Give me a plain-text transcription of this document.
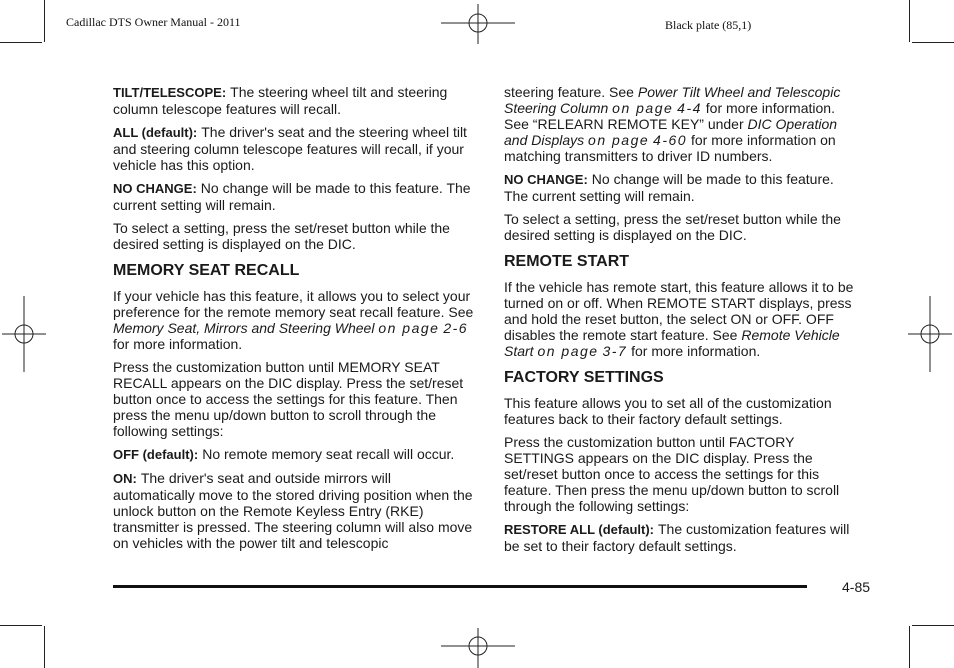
Cadillac DTS Owner Manual - 2011	Black plate (85,1)

TILT/TELESCOPE: The steering wheel tilt and steering column telescope features will recall.

ALL (default): The driver's seat and the steering wheel tilt and steering column telescope features will recall, if your vehicle has this option.

NO CHANGE: No change will be made to this feature. The current setting will remain.

To select a setting, press the set/reset button while the desired setting is displayed on the DIC.

MEMORY SEAT RECALL

If your vehicle has this feature, it allows you to select your preference for the remote memory seat recall feature. See Memory Seat, Mirrors and Steering Wheel on page 2-6 for more information.

Press the customization button until MEMORY SEAT RECALL appears on the DIC display. Press the set/reset button once to access the settings for this feature. Then press the menu up/down button to scroll through the following settings:

OFF (default): No remote memory seat recall will occur.

ON: The driver's seat and outside mirrors will automatically move to the stored driving position when the unlock button on the Remote Keyless Entry (RKE) transmitter is pressed. The steering column will also move on vehicles with the power tilt and telescopic

steering feature. See Power Tilt Wheel and Telescopic Steering Column on page 4-4 for more information. See “RELEARN REMOTE KEY” under DIC Operation and Displays on page 4-60 for more information on matching transmitters to driver ID numbers.

NO CHANGE: No change will be made to this feature. The current setting will remain.

To select a setting, press the set/reset button while the desired setting is displayed on the DIC.

REMOTE START

If the vehicle has remote start, this feature allows it to be turned on or off. When REMOTE START displays, press and hold the reset button, the select ON or OFF. OFF disables the remote start feature. See Remote Vehicle Start on page 3-7 for more information.

FACTORY SETTINGS

This feature allows you to set all of the customization features back to their factory default settings.

Press the customization button until FACTORY SETTINGS appears on the DIC display. Press the set/reset button once to access the settings for this feature. Then press the menu up/down button to scroll through the following settings:

RESTORE ALL (default): The customization features will be set to their factory default settings.

4-85
